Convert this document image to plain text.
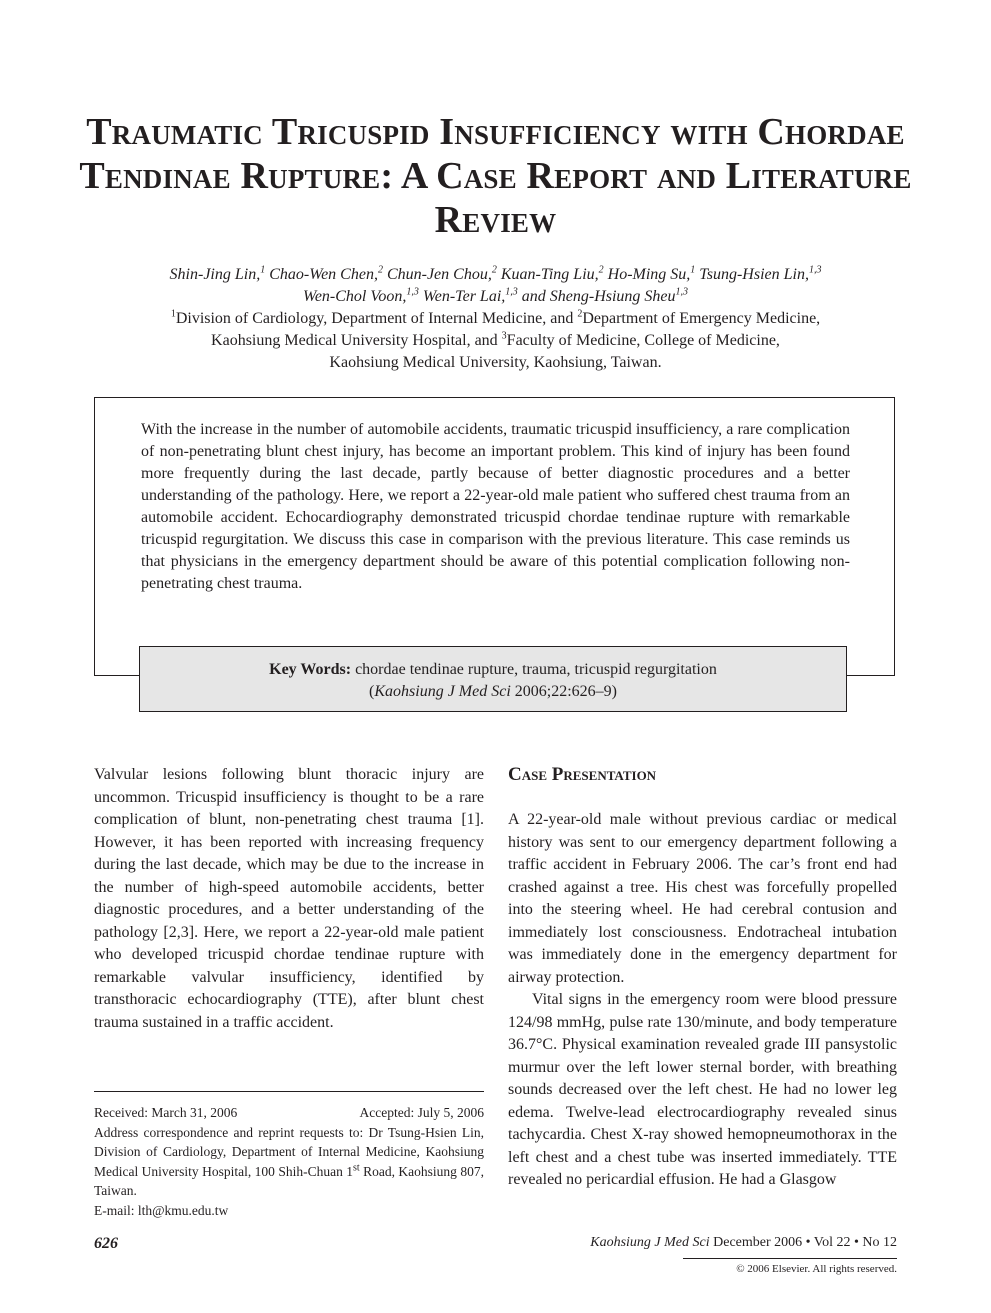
Traumatic Tricuspid Insufficiency with Chordae Tendinae Rupture: A Case Report and Literature Review
Shin-Jing Lin,$^1$ Chao-Wen Chen,$^2$ Chun-Jen Chou,$^2$ Kuan-Ting Liu,$^2$ Ho-Ming Su,$^1$ Tsung-Hsien Lin,$^{1,3}$
Wen-Chol Voon,$^{1,3}$ Wen-Ter Lai,$^{1,3}$ and Sheng-Hsiung Sheu$^{1,3}$
$^1$Division of Cardiology, Department of Internal Medicine, and $^2$Department of Emergency Medicine,
Kaohsiung Medical University Hospital, and $^3$Faculty of Medicine, College of Medicine,
Kaohsiung Medical University, Kaohsiung, Taiwan.

With the increase in the number of automobile accidents, traumatic tricuspid insufficiency, a rare complication of non-penetrating blunt chest injury, has become an important problem. This kind of injury has been found more frequently during the last decade, partly because of better diagnostic procedures and a better understanding of the pathology. Here, we report a 22-year-old male patient who suffered chest trauma from an automobile accident. Echocardiography demonstrated tricuspid chordae tendinae rupture with remarkable tricuspid regurgitation. We discuss this case in comparison with the previous literature. This case reminds us that physicians in the emergency department should be aware of this potential complication following non-penetrating chest trauma.

Key Words: chordae tendinae rupture, trauma, tricuspid regurgitation
(Kaohsiung J Med Sci 2006;22:626–9)

Valvular lesions following blunt thoracic injury are uncommon. Tricuspid insufficiency is thought to be a rare complication of blunt, non-penetrating chest trauma [1]. However, it has been reported with increasing frequency during the last decade, which may be due to the increase in the number of high-speed automobile accidents, better diagnostic procedures, and a better understanding of the pathology [2,3]. Here, we report a 22-year-old male patient who developed tricuspid chordae tendinae rupture with remarkable valvular insufficiency, identified by transthoracic echocardiography (TTE), after blunt chest trauma sustained in a traffic accident.

Received: March 31, 2006	Accepted: July 5, 2006
Address correspondence and reprint requests to: Dr Tsung-Hsien Lin, Division of Cardiology, Department of Internal Medicine, Kaohsiung Medical University Hospital, 100 Shih-Chuan 1st Road, Kaohsiung 807, Taiwan.
E-mail: lth@kmu.edu.tw
Case Presentation

A 22-year-old male without previous cardiac or medical history was sent to our emergency department following a traffic accident in February 2006. The car’s front end had crashed against a tree. His chest was forcefully propelled into the steering wheel. He had cerebral contusion and immediately lost consciousness. Endotracheal intubation was immediately done in the emergency department for airway protection.

Vital signs in the emergency room were blood pressure 124/98 mmHg, pulse rate 130/minute, and body temperature 36.7°C. Physical examination revealed grade III pansystolic murmur over the left lower sternal border, with breathing sounds decreased over the left chest. He had no lower leg edema. Twelve-lead electrocardiography revealed sinus tachycardia. Chest X-ray showed hemopneumothorax in the left chest and a chest tube was inserted immediately. TTE revealed no pericardial effusion. He had a Glasgow

626	Kaohsiung J Med Sci December 2006 • Vol 22 • No 12
© 2006 Elsevier. All rights reserved.
